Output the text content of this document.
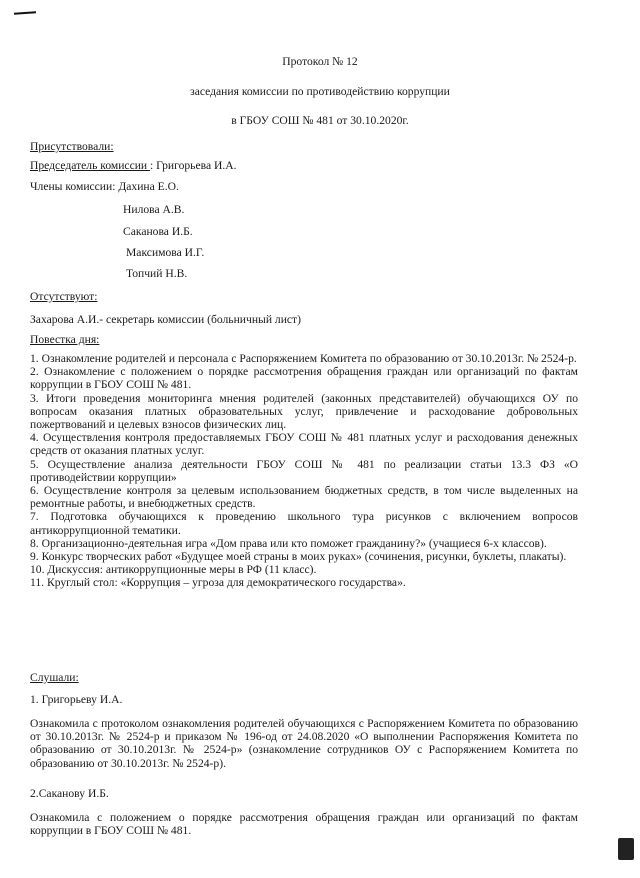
Протокол № 12
заседания комиссии по противодействию коррупции
в ГБОУ СОШ № 481 от 30.10.2020г.
Присутствовали:
Председатель комиссии : Григорьева И.А.
Члены комиссии: Дахина Е.О.
Нилова А.В.
Саканова И.Б.
Максимова И.Г.
Топчий Н.В.
Отсутствуют:
Захарова А.И.- секретарь комиссии (больничный лист)
Повестка дня:

1. Ознакомление родителей и персонала с Распоряжением Комитета по образованию от 30.10.2013г. № 2524-р.

2. Ознакомление с положением о порядке рассмотрения обращения граждан или организаций по фактам коррупции в ГБОУ СОШ № 481.

3. Итоги проведения мониторинга мнения родителей (законных представителей) обучающихся ОУ по вопросам оказания платных образовательных услуг, привлечение и расходование добровольных пожертвований и целевых взносов физических лиц.

4. Осуществления контроля предоставляемых ГБОУ СОШ № 481 платных услуг и расходования денежных средств от оказания платных услуг.

5. Осуществление анализа деятельности ГБОУ СОШ № 481 по реализации статьи 13.3 ФЗ «О противодействии коррупции»

6. Осуществление контроля за целевым использованием бюджетных средств, в том числе выделенных на ремонтные работы, и внебюджетных средств.

7. Подготовка обучающихся к проведению школьного тура рисунков с включением вопросов антикоррупционной тематики.

8. Организационно-деятельная игра «Дом права или кто поможет гражданину?» (учащиеся 6-х классов).

9. Конкурс творческих работ «Будущее моей страны в моих руках» (сочинения, рисунки, буклеты, плакаты).

10. Дискуссия: антикоррупционные меры в РФ (11 класс).

11. Круглый стол: «Коррупция – угроза для демократического государства».

Слушали:
1. Григорьеву И.А.
Ознакомила с протоколом ознакомления родителей обучающихся с Распоряжением Комитета по образованию от 30.10.2013г. № 2524-р и приказом № 196-од от 24.08.2020 «О выполнении Распоряжения Комитета по образованию от 30.10.2013г. № 2524-р» (ознакомление сотрудников ОУ с Распоряжением Комитета по образованию от 30.10.2013г. № 2524-р).
2.Саканову И.Б.
Ознакомила с положением о порядке рассмотрения обращения граждан или организаций по фактам коррупции в ГБОУ СОШ № 481.
